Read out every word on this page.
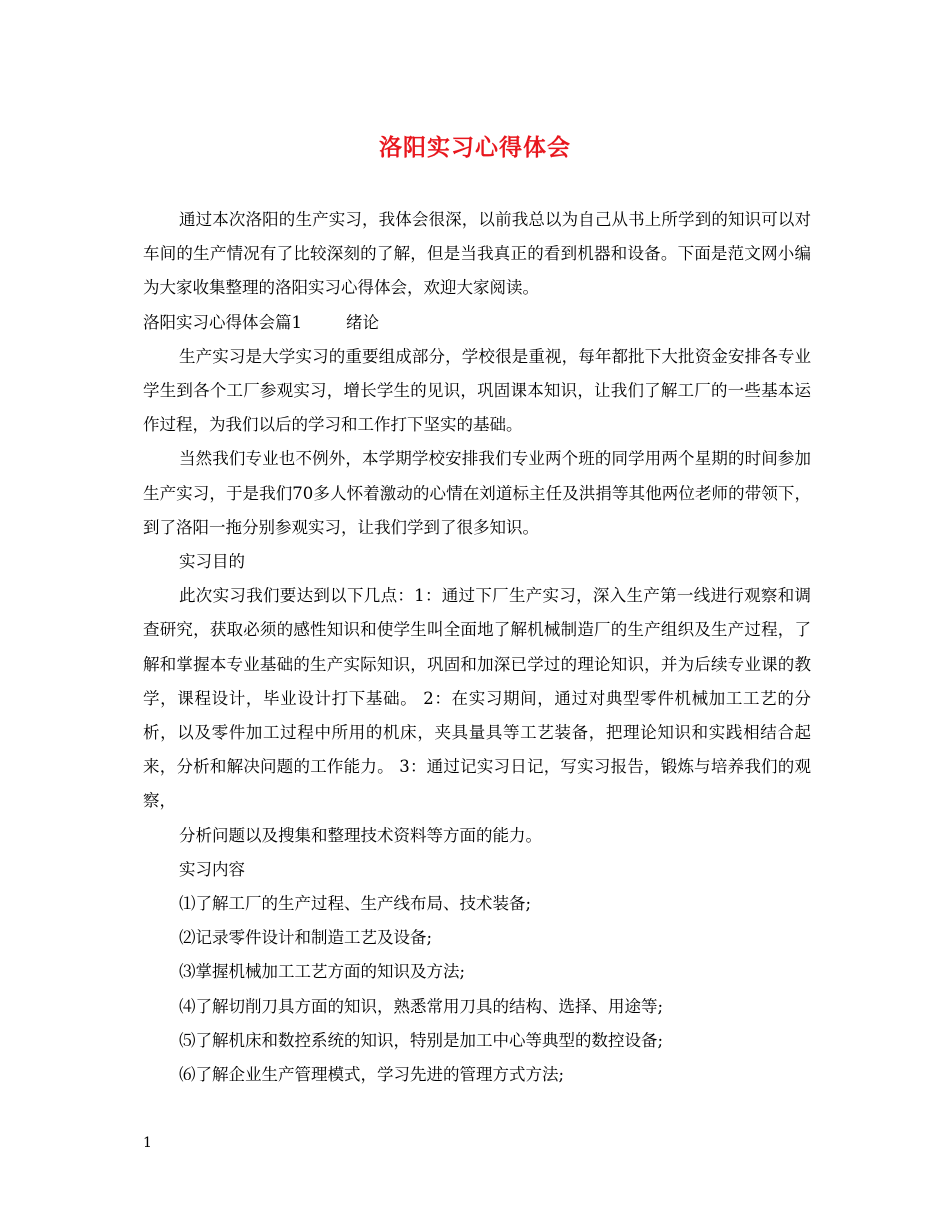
洛阳实习心得体会

通过本次洛阳的生产实习，我体会很深，以前我总以为自己从书上所学到的知识可以对车间的生产情况有了比较深刻的了解，但是当我真正的看到机器和设备。下面是范文网小编为大家收集整理的洛阳实习心得体会，欢迎大家阅读。

洛阳实习心得体会篇1	绪论

生产实习是大学实习的重要组成部分，学校很是重视，每年都批下大批资金安排各专业学生到各个工厂参观实习，增长学生的见识，巩固课本知识，让我们了解工厂的一些基本运作过程，为我们以后的学习和工作打下坚实的基础。

当然我们专业也不例外，本学期学校安排我们专业两个班的同学用两个星期的时间参加生产实习，于是我们70多人怀着激动的心情在刘道标主任及洪捐等其他两位老师的带领下，到了洛阳一拖分别参观实习，让我们学到了很多知识。

实习目的

此次实习我们要达到以下几点：1：通过下厂生产实习，深入生产第一线进行观察和调查研究，获取必须的感性知识和使学生叫全面地了解机械制造厂的生产组织及生产过程，了解和掌握本专业基础的生产实际知识，巩固和加深已学过的理论知识，并为后续专业课的教学，课程设计，毕业设计打下基础。 2：在实习期间，通过对典型零件机械加工工艺的分析，以及零件加工过程中所用的机床，夹具量具等工艺装备，把理论知识和实践相结合起来，分析和解决问题的工作能力。 3：通过记实习日记，写实习报告，锻炼与培养我们的观察，

分析问题以及搜集和整理技术资料等方面的能力。

实习内容

⑴了解工厂的生产过程、生产线布局、技术装备;

⑵记录零件设计和制造工艺及设备;

⑶掌握机械加工工艺方面的知识及方法;

⑷了解切削刀具方面的知识，熟悉常用刀具的结构、选择、用途等;

⑸了解机床和数控系统的知识，特别是加工中心等典型的数控设备;

⑹了解企业生产管理模式，学习先进的管理方式方法;

1
